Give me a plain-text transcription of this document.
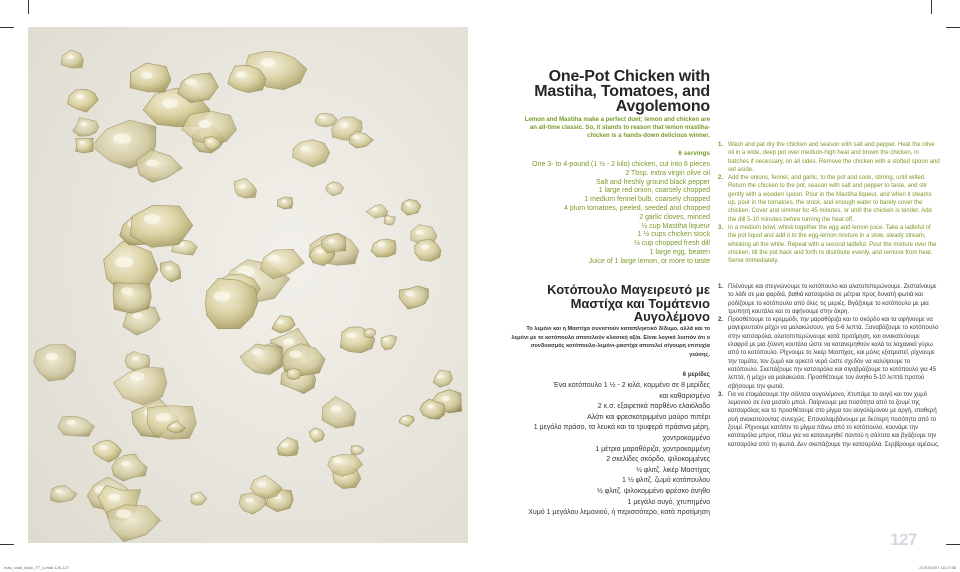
One-Pot Chicken with Mastiha, Tomatoes, and Avgolemono
Lemon and Mastiha make a perfect duet; lemon and chicken are an all-time classic. So, it stands to reason that lemon mastiha-chicken is a hands-down delicious winner.
6 servings
One 3- to 4-pound (1 ½ - 2 kilo) chicken, cut into 8 pieces
2 Tbsp. extra virgin olive oil
Salt and freshly ground black pepper
1 large red onion, coarsely chopped
1 medium fennel bulb, coarsely chopped
4 plum tomatoes, peeled, seeded and chopped
2 garlic cloves, minced
½ cup Mastiha liqueur
1 ½ cups chicken stock
½ cup chopped fresh dill
1 large egg, beaten
Juice of 1 large lemon, or more to taste
1. Wash and pat dry the chicken and season with salt and pepper. Heat the olive oil in a wide, deep pot over medium-high heat and brown the chicken, in batches if necessary, on all sides. Remove the chicken with a slotted spoon and set aside.
2. Add the onions, fennel, and garlic, to the pot and cook, stirring, until wilted. Return the chicken to the pot, season with salt and pepper to taste, and stir gently with a wooden spoon. Pour in the Mastiha liqueur, and when it steams up, pour in the tomatoes, the stock, and enough water to barely cover the chicken. Cover and simmer for 45 minutes, or until the chicken is tender. Add the dill 5-10 minutes before turning the heat off.
3. In a medium bowl, whisk together the egg and lemon juice. Take a ladleful of the pot liquid and add it to the egg-lemon mixture in a slow, steady stream, whisking all the while. Repeat with a second ladleful. Pour the mixture over the chicken, tilt the pot back and forth to distribute evenly, and remove from heat. Serve immediately.
Κοτόπουλο Μαγειρευτό με Μαστίχα και Τομάτενιο Αυγολέμονο
Το λεμόνι και η Μαστίχα συνιστούν καταπληκτικό δίδυμο, αλλά και το λεμόνι με το κοτόπουλο αποτελούν κλασική αξία. Είναι λογικό λοιπόν ότι ο συνδυασμός κοτόπουλο-λεμόνι-μαστίχα αποτελεί σίγουρη επιτυχία γεύσης.
6 μερίδες
Ένα κοτόπουλο 1 ½ - 2 κιλά, κομμένο σε 8 μερίδες
και καθαρισμένο
2 κ.σ. εξαιρετικά παρθένο ελαιόλαδο
Αλάτι και φρεσκοτριμμένο μαύρο πιπέρι
1 μεγάλο πράσο, τα λευκά και τα τρυφερά πράσινα μέρη,
χοντροκομμένο
1 μέτρια μαραθόριζα, χοντροκομμένη
2 σκελίδες σκόρδο, ψιλοκομμένες
½ φλιτζ. λικέρ Μαστίχας
1 ½ φλιτζ. ζωμό κοτόπουλου
½ φλιτζ. ψιλοκομμένο φρέσκο άνηθο
1 μεγάλο αυγό, χτυπημένο
Χυμό 1 μεγάλου λεμονιού, ή περισσότερο, κατά προτίμηση
1. Πλένουμε και στεγνώνουμε το κοτόπουλο και αλατοπιπερώνουμε. Ζεσταίνουμε το λάδι σε μια φαρδιά, βαθιά κατσαρόλα σε μέτρια προς δυνατή φωτιά και ροδίζουμε το κοτόπουλο από όλες τις μεριές. Βγάζουμε το κοτόπουλο με μια τρυπητή κουτάλα και το αφήνουμε στην άκρη.
2. Προσθέτουμε το κρεμμύδι, την μαραθόριζα και το σκόρδο και τα αφήνουμε να μαγειρευτούν μέχρι να μαλακώσουν, για 5-6 λεπτά. Ξαναβάζουμε το κοτόπουλο στην κατσαρόλα, αλατοπιπερώνουμε κατά προτίμηση, και ανακατεύουμε ελαφρά με μια ξύλινη κουτάλα ώστε να κατανεμηθούν καλά τα λαχανικά γύρω από το κοτόπουλο. Ρίχνουμε το λικέρ Μαστίχας, και μόλις εξατμιστεί, ρίχνουμε την τομάτα, τον ζωμό και αρκετό νερό ώστε σχεδόν να καλύψουμε το κοτόπουλο. Σκεπάζουμε την κατσαρόλα και σιγοβράζουμε το κοτόπουλο για 45 λεπτά, ή μέχρι να μαλακώσει. Προσθέτουμε τον άνηθο 5-10 λεπτά προτού σβήσουμε την φωτιά.
3. Για να ετοιμάσουμε την σάλτσα αυγολέμονο, Χτυπάμε το αυγό και τον χυμό λεμονιού σε ένα μεσαίο μπολ. Παίρνουμε μια ποσότητα από το ζουμί της κατσαρόλας και το προσθέτουμε στο μίγμα του αυγολέμονου με αργή, σταθερή ροή ανακατεύοντας συνεχώς. Επαναλαμβάνουμε με δεύτερη ποσότητα από το ζουμί. Ρίχνουμε κατόπιν το μίγμα πάνω από το κοτόπουλο, κουνάμε την κατσαρόλα μπρος πίσω για να κατανεμηθεί παντού η σάλτσα και βγάζουμε την κατσαρόλα από τη φωτιά. Δεν σκεπάζουμε την κατσαρόλα. Σερβίρουμε αμέσως.
127
mas_cook_book_TT_s.indd 126-127	21/07/2007 18:17:38
